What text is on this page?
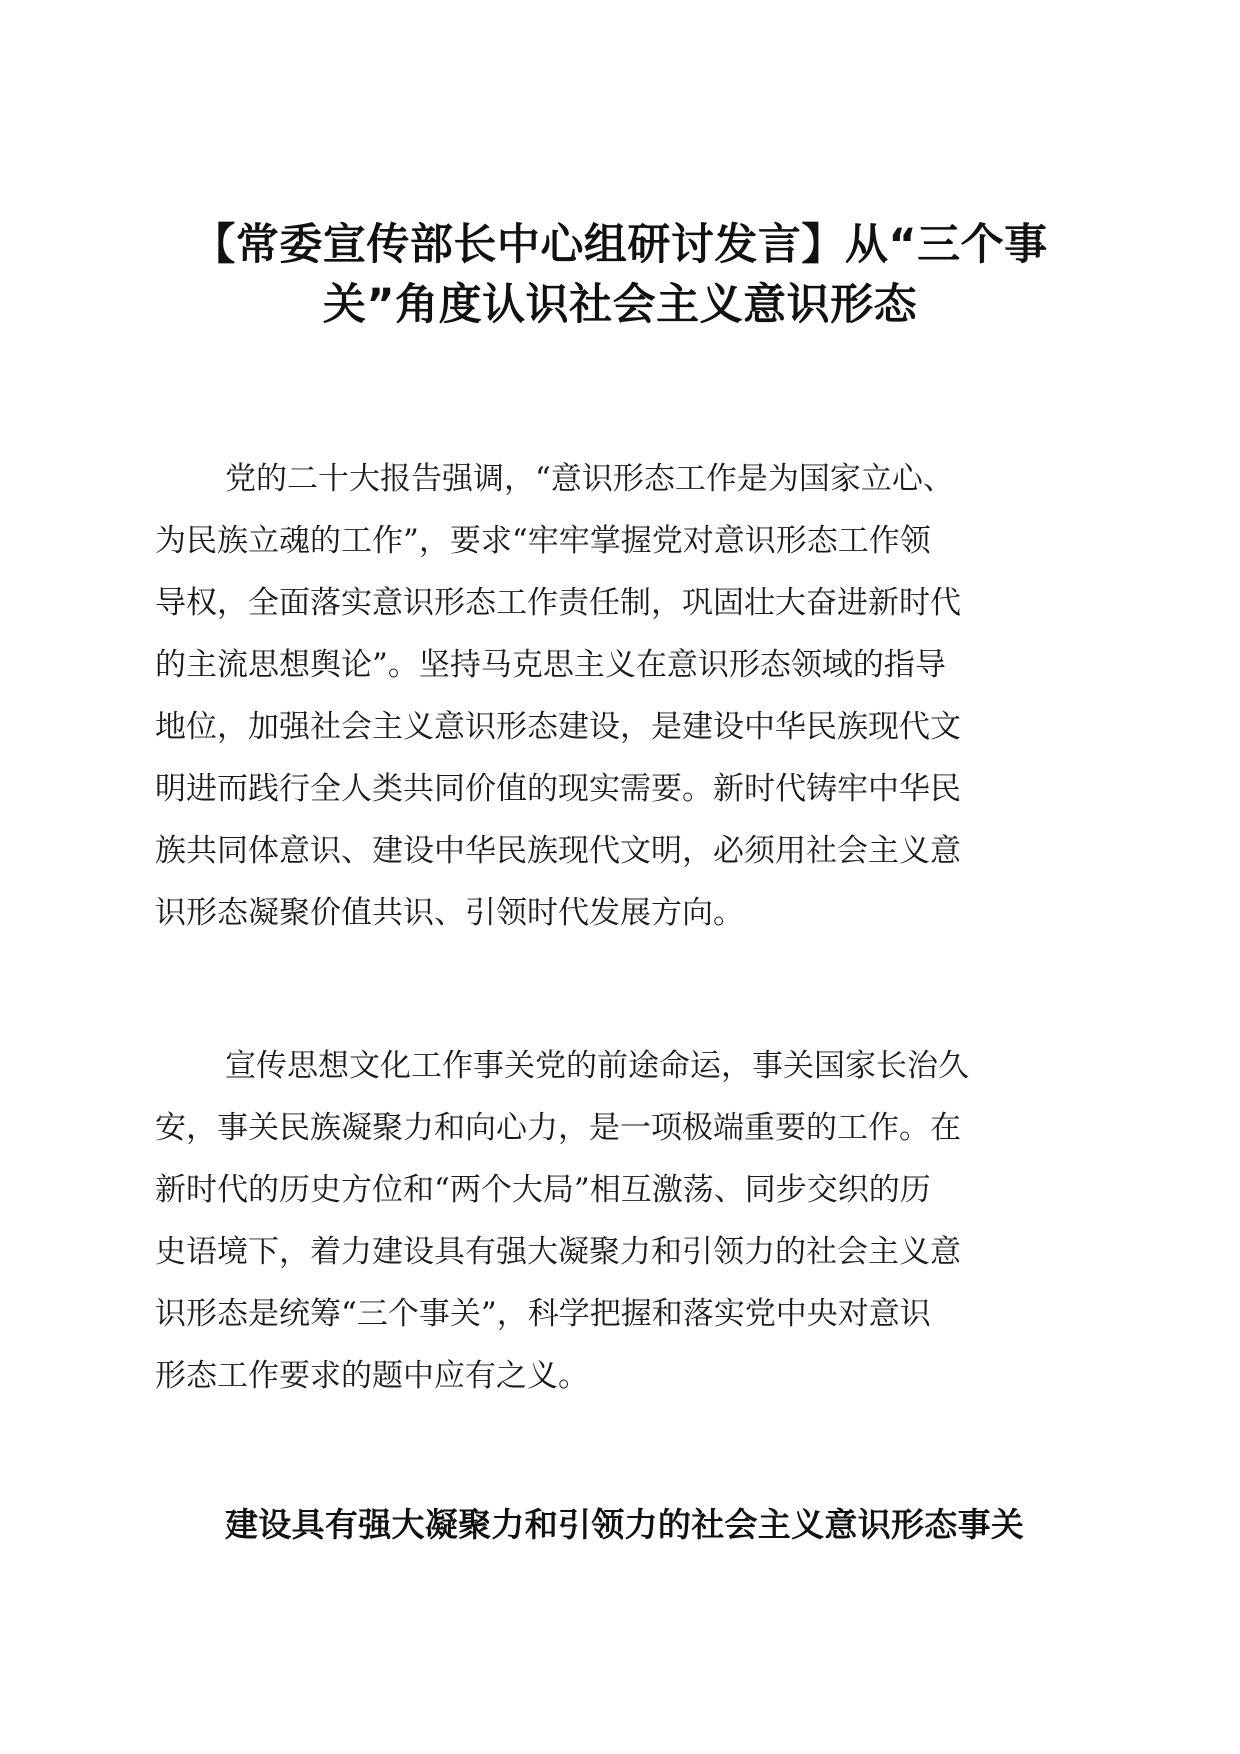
【常委宣传部长中心组研讨发言】从“三个事
关”角度认识社会主义意识形态
党的二十大报告强调，“意识形态工作是为国家立心、
为民族立魂的工作”，要求“牢牢掌握党对意识形态工作领
导权，全面落实意识形态工作责任制，巩固壮大奋进新时代
的主流思想舆论”。坚持马克思主义在意识形态领域的指导
地位，加强社会主义意识形态建设，是建设中华民族现代文
明进而践行全人类共同价值的现实需要。新时代铸牢中华民
族共同体意识、建设中华民族现代文明，必须用社会主义意
识形态凝聚价值共识、引领时代发展方向。
宣传思想文化工作事关党的前途命运，事关国家长治久
安，事关民族凝聚力和向心力，是一项极端重要的工作。在
新时代的历史方位和“两个大局”相互激荡、同步交织的历
史语境下，着力建设具有强大凝聚力和引领力的社会主义意
识形态是统筹“三个事关”，科学把握和落实党中央对意识
形态工作要求的题中应有之义。
建设具有强大凝聚力和引领力的社会主义意识形态事关
